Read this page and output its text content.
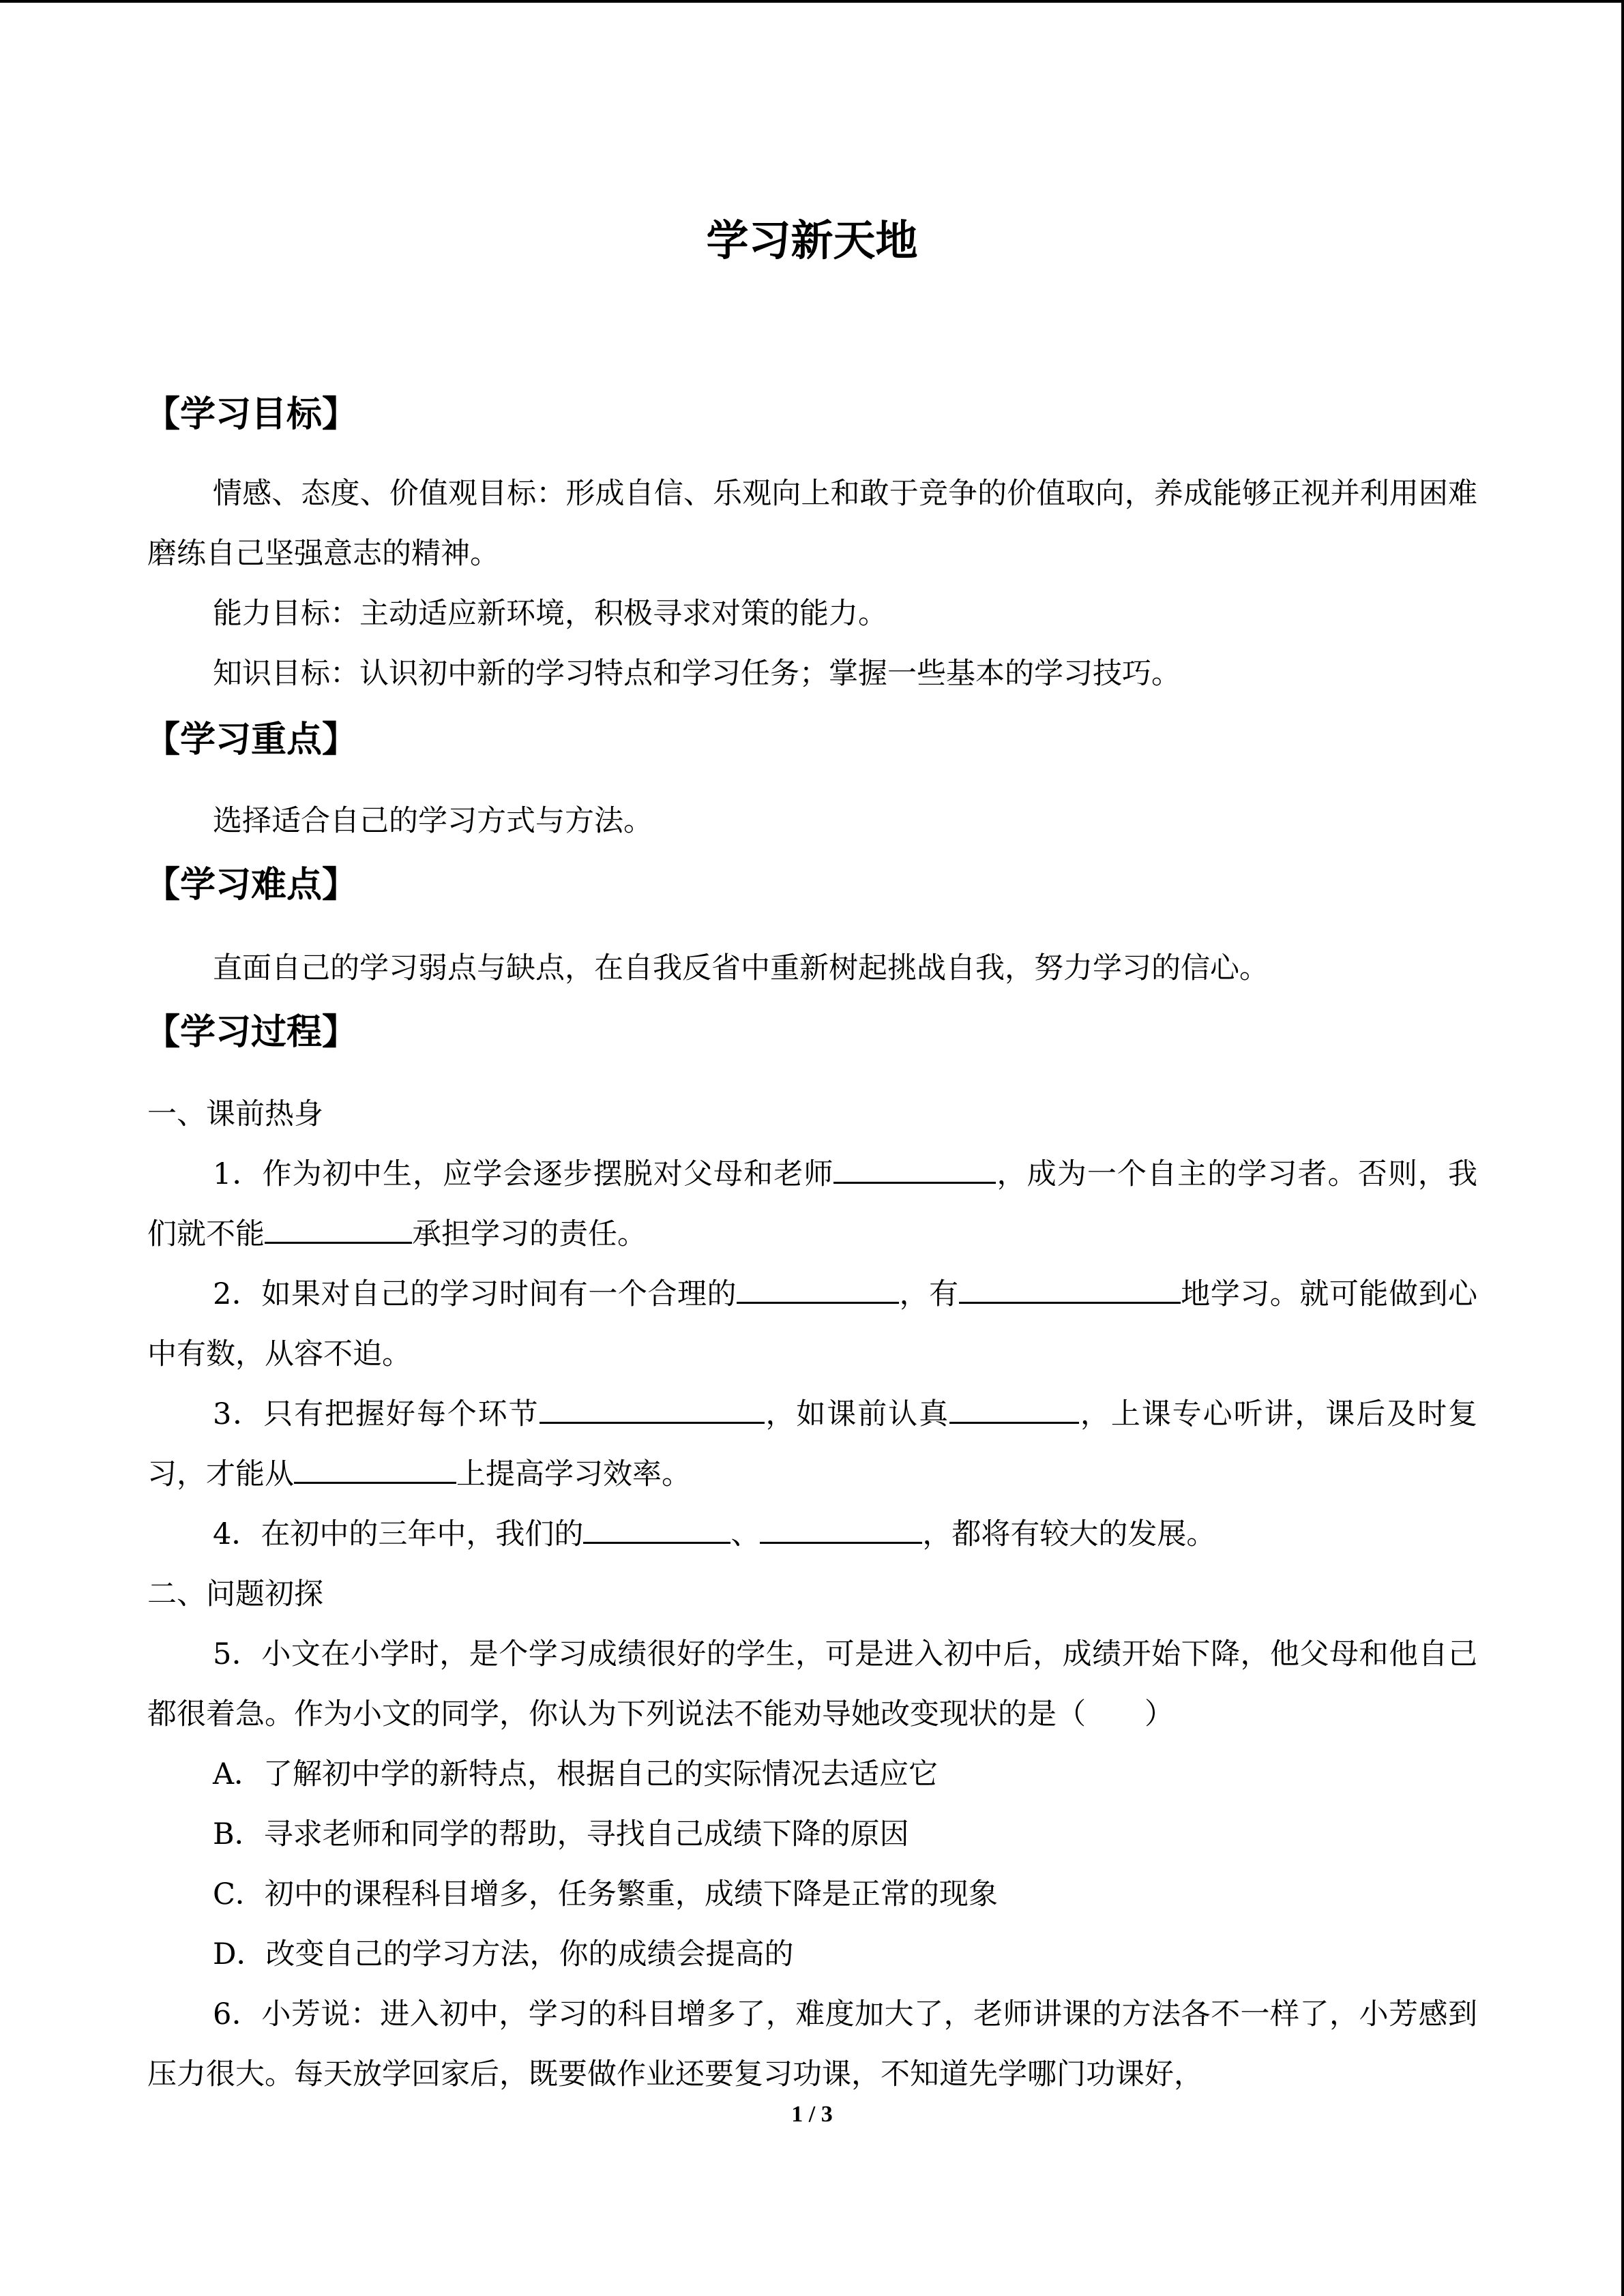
学习新天地
【学习目标】
情感、态度、价值观目标：形成自信、乐观向上和敢于竞争的价值取向，养成能够正视并利用困难磨练自己坚强意志的精神。
能力目标：主动适应新环境，积极寻求对策的能力。
知识目标：认识初中新的学习特点和学习任务；掌握一些基本的学习技巧。
【学习重点】
选择适合自己的学习方式与方法。
【学习难点】
直面自己的学习弱点与缺点，在自我反省中重新树起挑战自我，努力学习的信心。
【学习过程】
一、课前热身
1．作为初中生，应学会逐步摆脱对父母和老师	，成为一个自主的学习者。否则，我们就不能	承担学习的责任。
2．如果对自己的学习时间有一个合理的	，有	地学习。就可能做到心中有数，从容不迫。
3．只有把握好每个环节	，如课前认真	，上课专心听讲，课后及时复习，才能从	上提高学习效率。
4．在初中的三年中，我们的	、	，都将有较大的发展。
二、问题初探
5．小文在小学时，是个学习成绩很好的学生，可是进入初中后，成绩开始下降，他父母和他自己都很着急。作为小文的同学，你认为下列说法不能劝导她改变现状的是（　　）
A．了解初中学的新特点，根据自己的实际情况去适应它
B．寻求老师和同学的帮助，寻找自己成绩下降的原因
C．初中的课程科目增多，任务繁重，成绩下降是正常的现象
D．改变自己的学习方法，你的成绩会提高的
6．小芳说：进入初中，学习的科目增多了，难度加大了，老师讲课的方法各不一样了，小芳感到压力很大。每天放学回家后，既要做作业还要复习功课，不知道先学哪门功课好，
1 / 3
